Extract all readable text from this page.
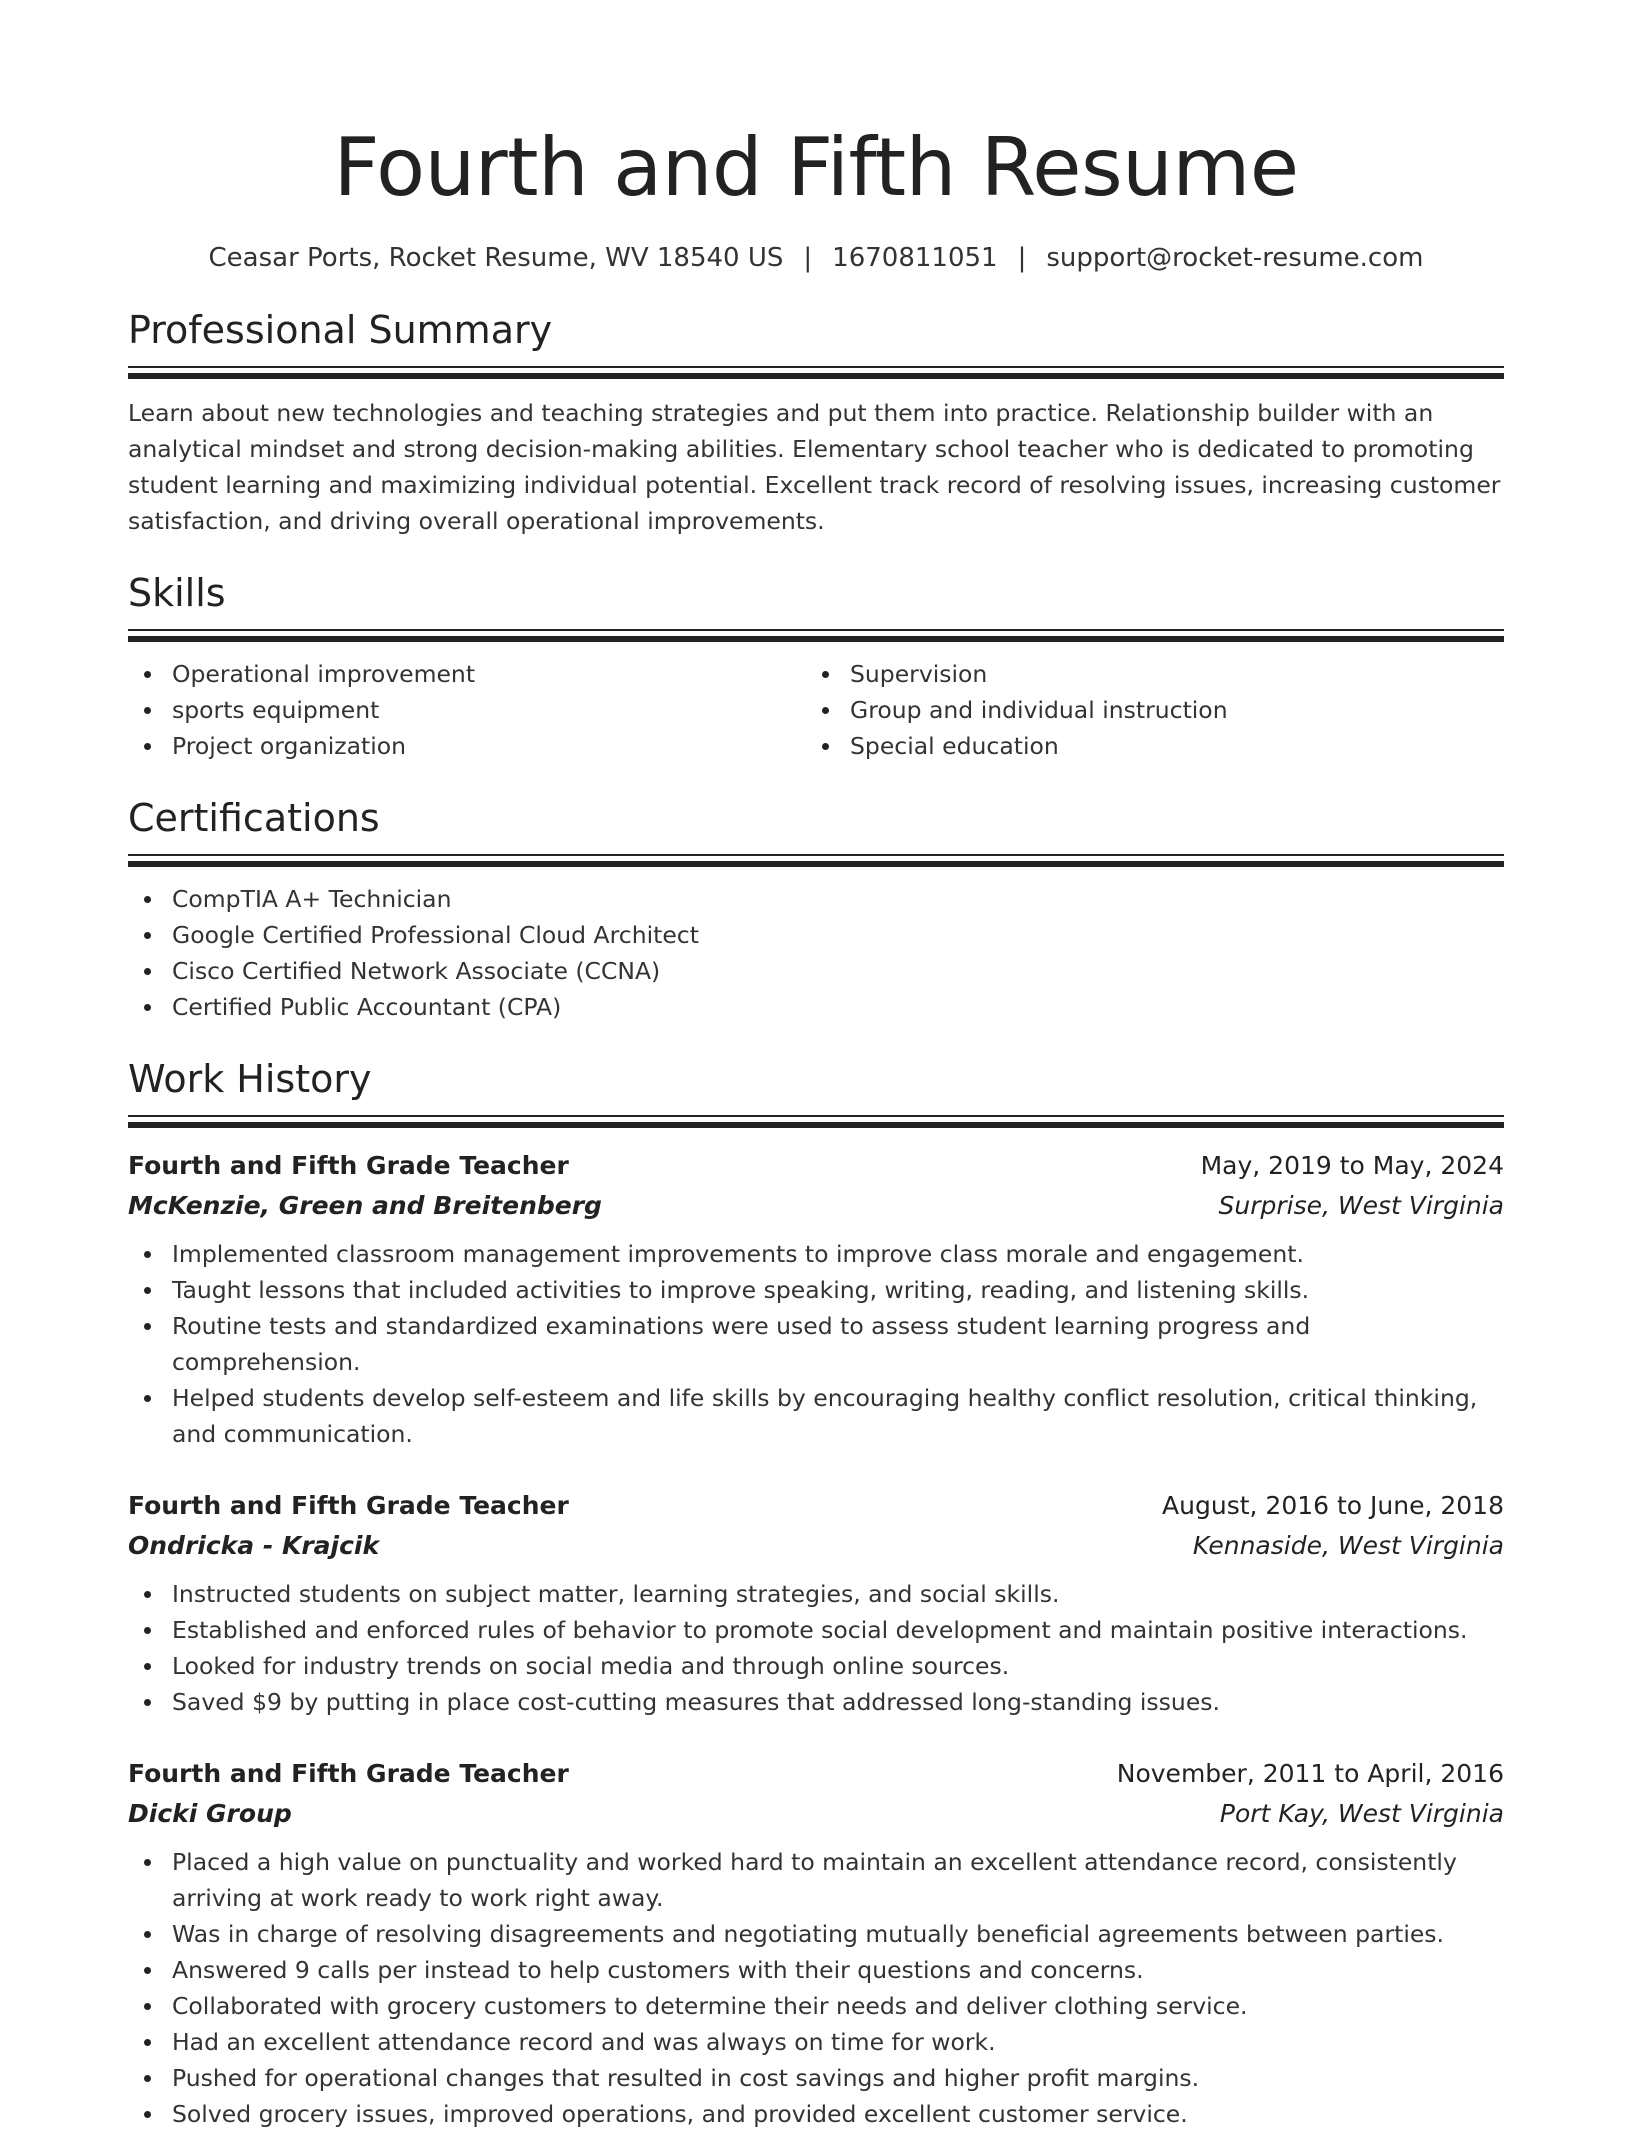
Fourth and Fifth Resume
Ceasar Ports, Rocket Resume, WV 18540 US | 1670811051 | support@rocket-resume.com
Professional Summary

Learn about new technologies and teaching strategies and put them into practice. Relationship builder with an analytical mindset and strong decision-making abilities. Elementary school teacher who is dedicated to promoting student learning and maximizing individual potential. Excellent track record of resolving issues, increasing customer satisfaction, and driving overall operational improvements.

Skills
Operational improvement
sports equipment
Project organization
Supervision
Group and individual instruction
Special education
Certifications
CompTIA A+ Technician
Google Certified Professional Cloud Architect
Cisco Certified Network Associate (CCNA)
Certified Public Accountant (CPA)
Work History
Fourth and Fifth Grade Teacher	May, 2019 to May, 2024
McKenzie, Green and Breitenberg	Surprise, West Virginia
Implemented classroom management improvements to improve class morale and engagement.
Taught lessons that included activities to improve speaking, writing, reading, and listening skills.
Routine tests and standardized examinations were used to assess student learning progress and comprehension.
Helped students develop self-esteem and life skills by encouraging healthy conflict resolution, critical thinking, and communication.
Fourth and Fifth Grade Teacher	August, 2016 to June, 2018
Ondricka - Krajcik	Kennaside, West Virginia
Instructed students on subject matter, learning strategies, and social skills.
Established and enforced rules of behavior to promote social development and maintain positive interactions.
Looked for industry trends on social media and through online sources.
Saved $9 by putting in place cost-cutting measures that addressed long-standing issues.
Fourth and Fifth Grade Teacher	November, 2011 to April, 2016
Dicki Group	Port Kay, West Virginia
Placed a high value on punctuality and worked hard to maintain an excellent attendance record, consistently arriving at work ready to work right away.
Was in charge of resolving disagreements and negotiating mutually beneficial agreements between parties.
Answered 9 calls per instead to help customers with their questions and concerns.
Collaborated with grocery customers to determine their needs and deliver clothing service.
Had an excellent attendance record and was always on time for work.
Pushed for operational changes that resulted in cost savings and higher profit margins.
Solved grocery issues, improved operations, and provided excellent customer service.
